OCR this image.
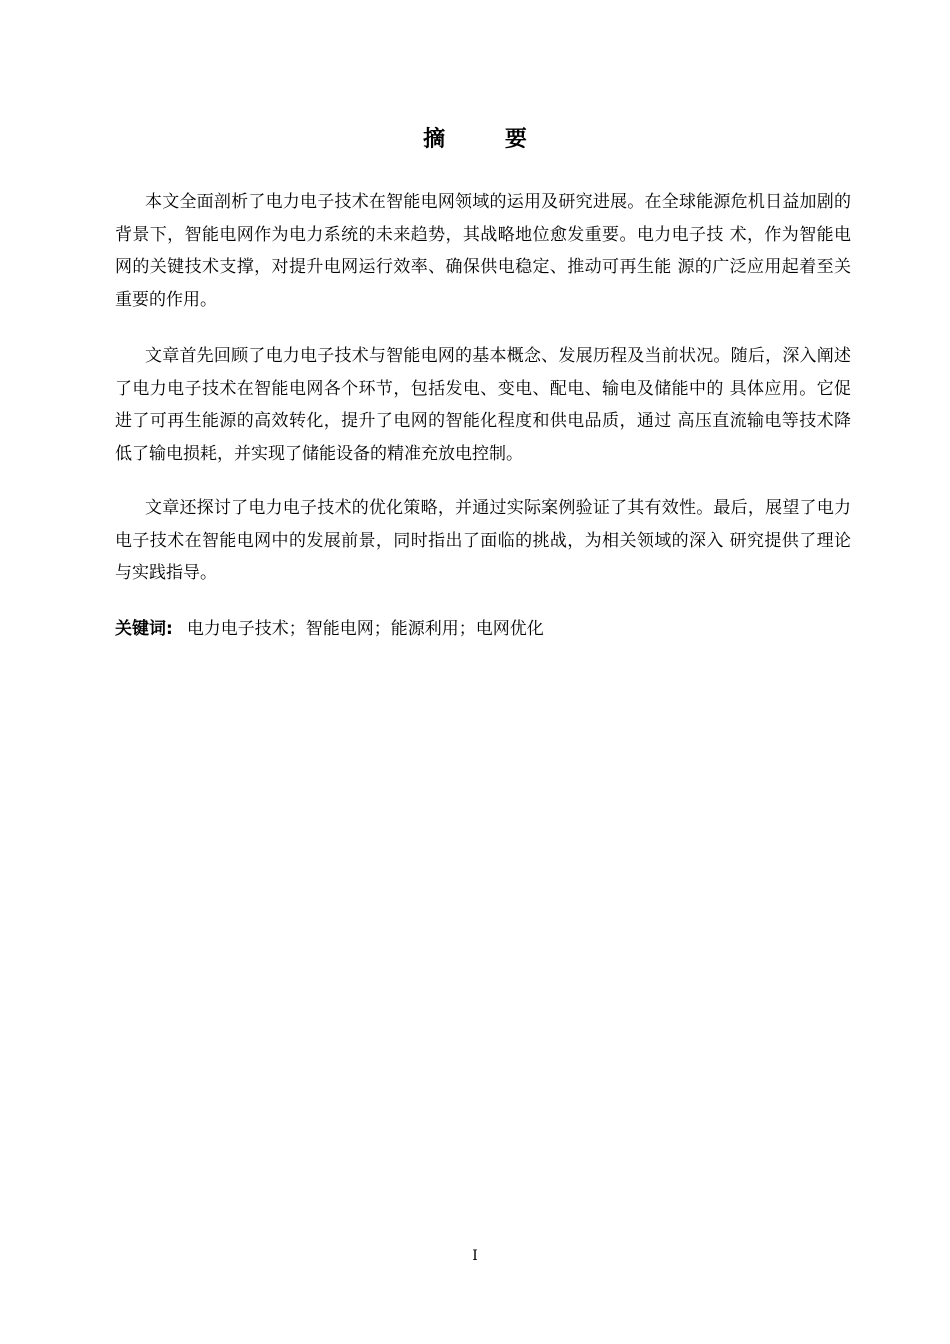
摘 要

本文全面剖析了电力电子技术在智能电网领域的运用及研究进展。在全球能源危机日益加剧的背景下，智能电网作为电力系统的未来趋势，其战略地位愈发重要。电力电子技 术，作为智能电网的关键技术支撑，对提升电网运行效率、确保供电稳定、推动可再生能 源的广泛应用起着至关重要的作用。

文章首先回顾了电力电子技术与智能电网的基本概念、发展历程及当前状况。随后，深入阐述了电力电子技术在智能电网各个环节，包括发电、变电、配电、输电及储能中的 具体应用。它促进了可再生能源的高效转化，提升了电网的智能化程度和供电品质，通过 高压直流输电等技术降低了输电损耗，并实现了储能设备的精准充放电控制。

文章还探讨了电力电子技术的优化策略，并通过实际案例验证了其有效性。最后，展望了电力电子技术在智能电网中的发展前景，同时指出了面临的挑战，为相关领域的深入 研究提供了理论与实践指导。

关键词: 电力电子技术；智能电网；能源利用；电网优化
I
